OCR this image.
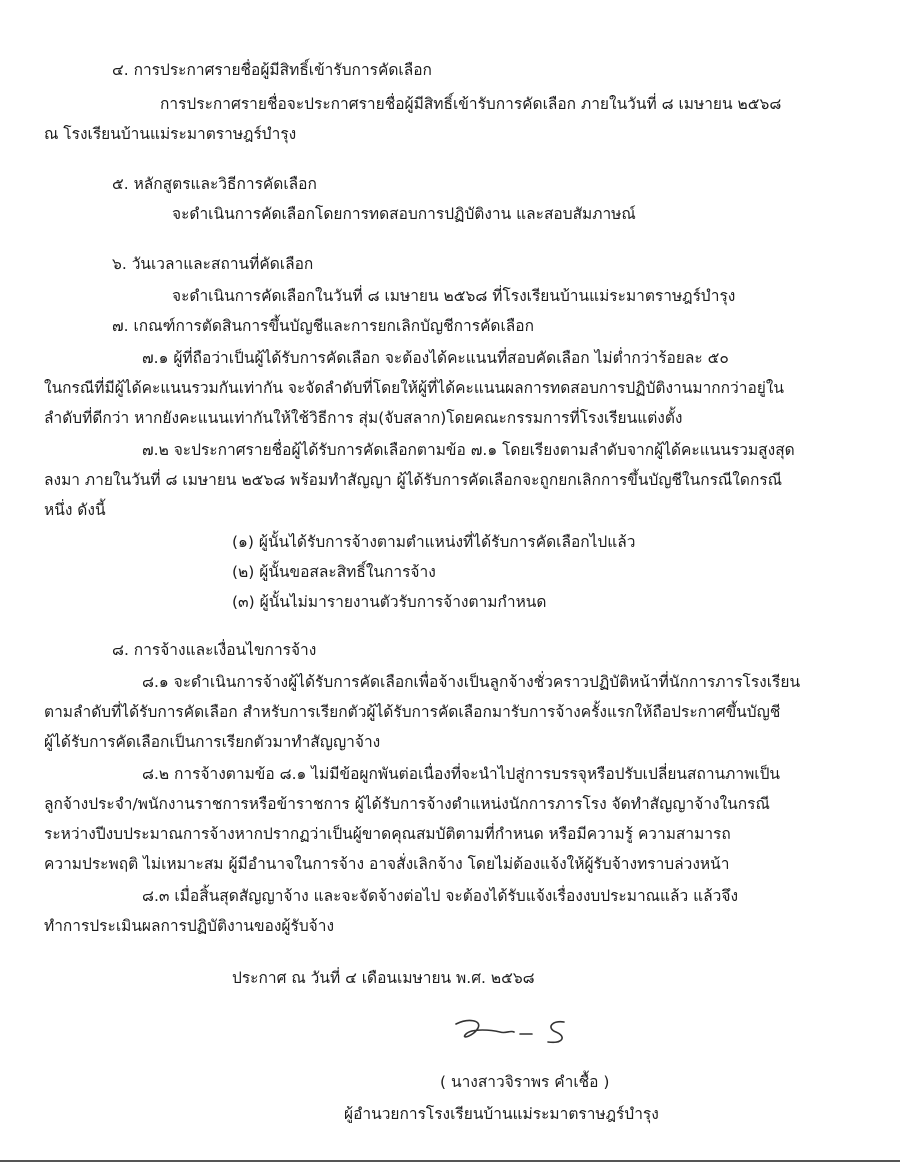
๔. การประกาศรายชื่อผู้มีสิทธิ์เข้ารับการคัดเลือก
การประกาศรายชื่อจะประกาศรายชื่อผู้มีสิทธิ์เข้ารับการคัดเลือก ภายในวันที่ ๘ เมษายน ๒๕๖๘
ณ โรงเรียนบ้านแม่ระมาตราษฎร์บำรุง
๕. หลักสูตรและวิธีการคัดเลือก
จะดำเนินการคัดเลือกโดยการทดสอบการปฏิบัติงาน และสอบสัมภาษณ์
๖. วันเวลาและสถานที่คัดเลือก
จะดำเนินการคัดเลือกในวันที่ ๘ เมษายน ๒๕๖๘ ที่โรงเรียนบ้านแม่ระมาตราษฎร์บำรุง
๗. เกณฑ์การตัดสินการขึ้นบัญชีและการยกเลิกบัญชีการคัดเลือก
๗.๑ ผู้ที่ถือว่าเป็นผู้ได้รับการคัดเลือก จะต้องได้คะแนนที่สอบคัดเลือก ไม่ต่ำกว่าร้อยละ ๕๐
ในกรณีที่มีผู้ได้คะแนนรวมกันเท่ากัน จะจัดลำดับที่โดยให้ผู้ที่ได้คะแนนผลการทดสอบการปฏิบัติงานมากกว่าอยู่ใน
ลำดับที่ดีกว่า หากยังคะแนนเท่ากันให้ใช้วิธีการ สุ่ม(จับสลาก)โดยคณะกรรมการที่โรงเรียนแต่งตั้ง
๗.๒ จะประกาศรายชื่อผู้ได้รับการคัดเลือกตามข้อ ๗.๑ โดยเรียงตามลำดับจากผู้ได้คะแนนรวมสูงสุด
ลงมา ภายในวันที่ ๘ เมษายน ๒๕๖๘ พร้อมทำสัญญา ผู้ได้รับการคัดเลือกจะถูกยกเลิกการขึ้นบัญชีในกรณีใดกรณี
หนึ่ง ดังนี้
(๑) ผู้นั้นได้รับการจ้างตามตำแหน่งที่ได้รับการคัดเลือกไปแล้ว
(๒) ผู้นั้นขอสละสิทธิ์ในการจ้าง
(๓) ผู้นั้นไม่มารายงานตัวรับการจ้างตามกำหนด
๘. การจ้างและเงื่อนไขการจ้าง
๘.๑ จะดำเนินการจ้างผู้ได้รับการคัดเลือกเพื่อจ้างเป็นลูกจ้างชั่วคราวปฏิบัติหน้าที่นักการภารโรงเรียน
ตามลำดับที่ได้รับการคัดเลือก สำหรับการเรียกตัวผู้ได้รับการคัดเลือกมารับการจ้างครั้งแรกให้ถือประกาศขึ้นบัญชี
ผู้ได้รับการคัดเลือกเป็นการเรียกตัวมาทำสัญญาจ้าง
๘.๒ การจ้างตามข้อ ๘.๑ ไม่มีข้อผูกพันต่อเนื่องที่จะนำไปสู่การบรรจุหรือปรับเปลี่ยนสถานภาพเป็น
ลูกจ้างประจำ/พนักงานราชการหรือข้าราชการ ผู้ได้รับการจ้างตำแหน่งนักการภารโรง จัดทำสัญญาจ้างในกรณี
ระหว่างปีงบประมาณการจ้างหากปรากฏว่าเป็นผู้ขาดคุณสมบัติตามที่กำหนด หรือมีความรู้ ความสามารถ
ความประพฤติ ไม่เหมาะสม ผู้มีอำนาจในการจ้าง อาจสั่งเลิกจ้าง โดยไม่ต้องแจ้งให้ผู้รับจ้างทราบล่วงหน้า
๘.๓ เมื่อสิ้นสุดสัญญาจ้าง และจะจัดจ้างต่อไป จะต้องได้รับแจ้งเรื่องงบประมาณแล้ว แล้วจึง
ทำการประเมินผลการปฏิบัติงานของผู้รับจ้าง
ประกาศ ณ วันที่ ๔ เดือนเมษายน พ.ศ. ๒๕๖๘
( นางสาวจิราพร คำเชื้อ )
ผู้อำนวยการโรงเรียนบ้านแม่ระมาตราษฎร์บำรุง
